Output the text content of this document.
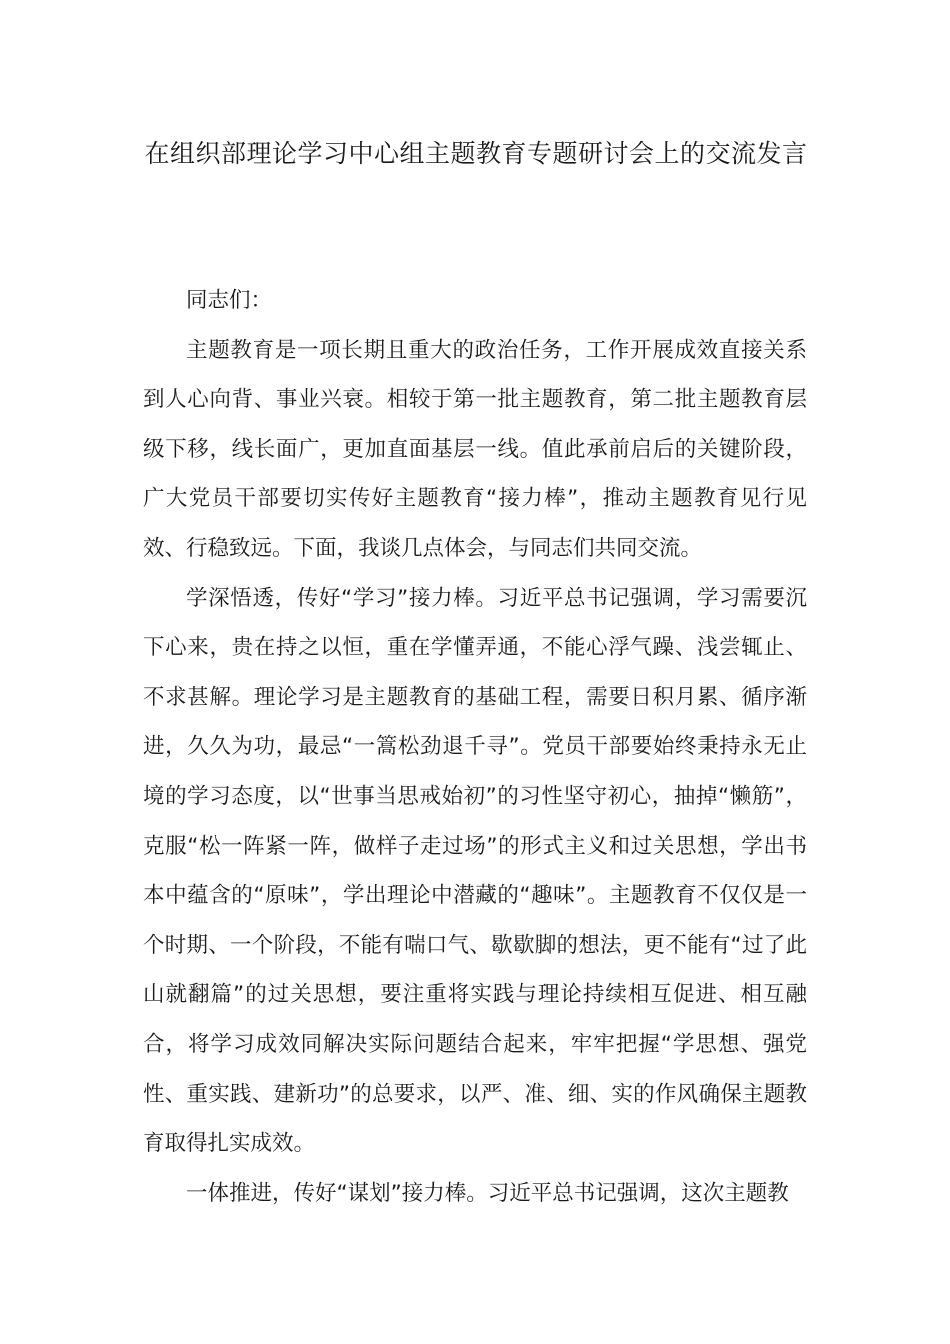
在组织部理论学习中心组主题教育专题研讨会上的交流发言

同志们：

主题教育是一项长期且重大的政治任务，工作开展成效直接关系到人心向背、事业兴衰。相较于第一批主题教育，第二批主题教育层级下移，线长面广，更加直面基层一线。值此承前启后的关键阶段，广大党员干部要切实传好主题教育“接力棒”，推动主题教育见行见效、行稳致远。下面，我谈几点体会，与同志们共同交流。

学深悟透，传好“学习”接力棒。习近平总书记强调，学习需要沉下心来，贵在持之以恒，重在学懂弄通，不能心浮气躁、浅尝辄止、不求甚解。理论学习是主题教育的基础工程，需要日积月累、循序渐进，久久为功，最忌“一篙松劲退千寻”。党员干部要始终秉持永无止境的学习态度，以“世事当思戒始初”的习性坚守初心，抽掉“懒筋”，克服“松一阵紧一阵，做样子走过场”的形式主义和过关思想，学出书本中蕴含的“原味”，学出理论中潜藏的“趣味”。主题教育不仅仅是一个时期、一个阶段，不能有喘口气、歇歇脚的想法，更不能有“过了此山就翻篇”的过关思想，要注重将实践与理论持续相互促进、相互融合，将学习成效同解决实际问题结合起来，牢牢把握“学思想、强党性、重实践、建新功”的总要求，以严、准、细、实的作风确保主题教育取得扎实成效。

一体推进，传好“谋划”接力棒。习近平总书记强调，这次主题教
